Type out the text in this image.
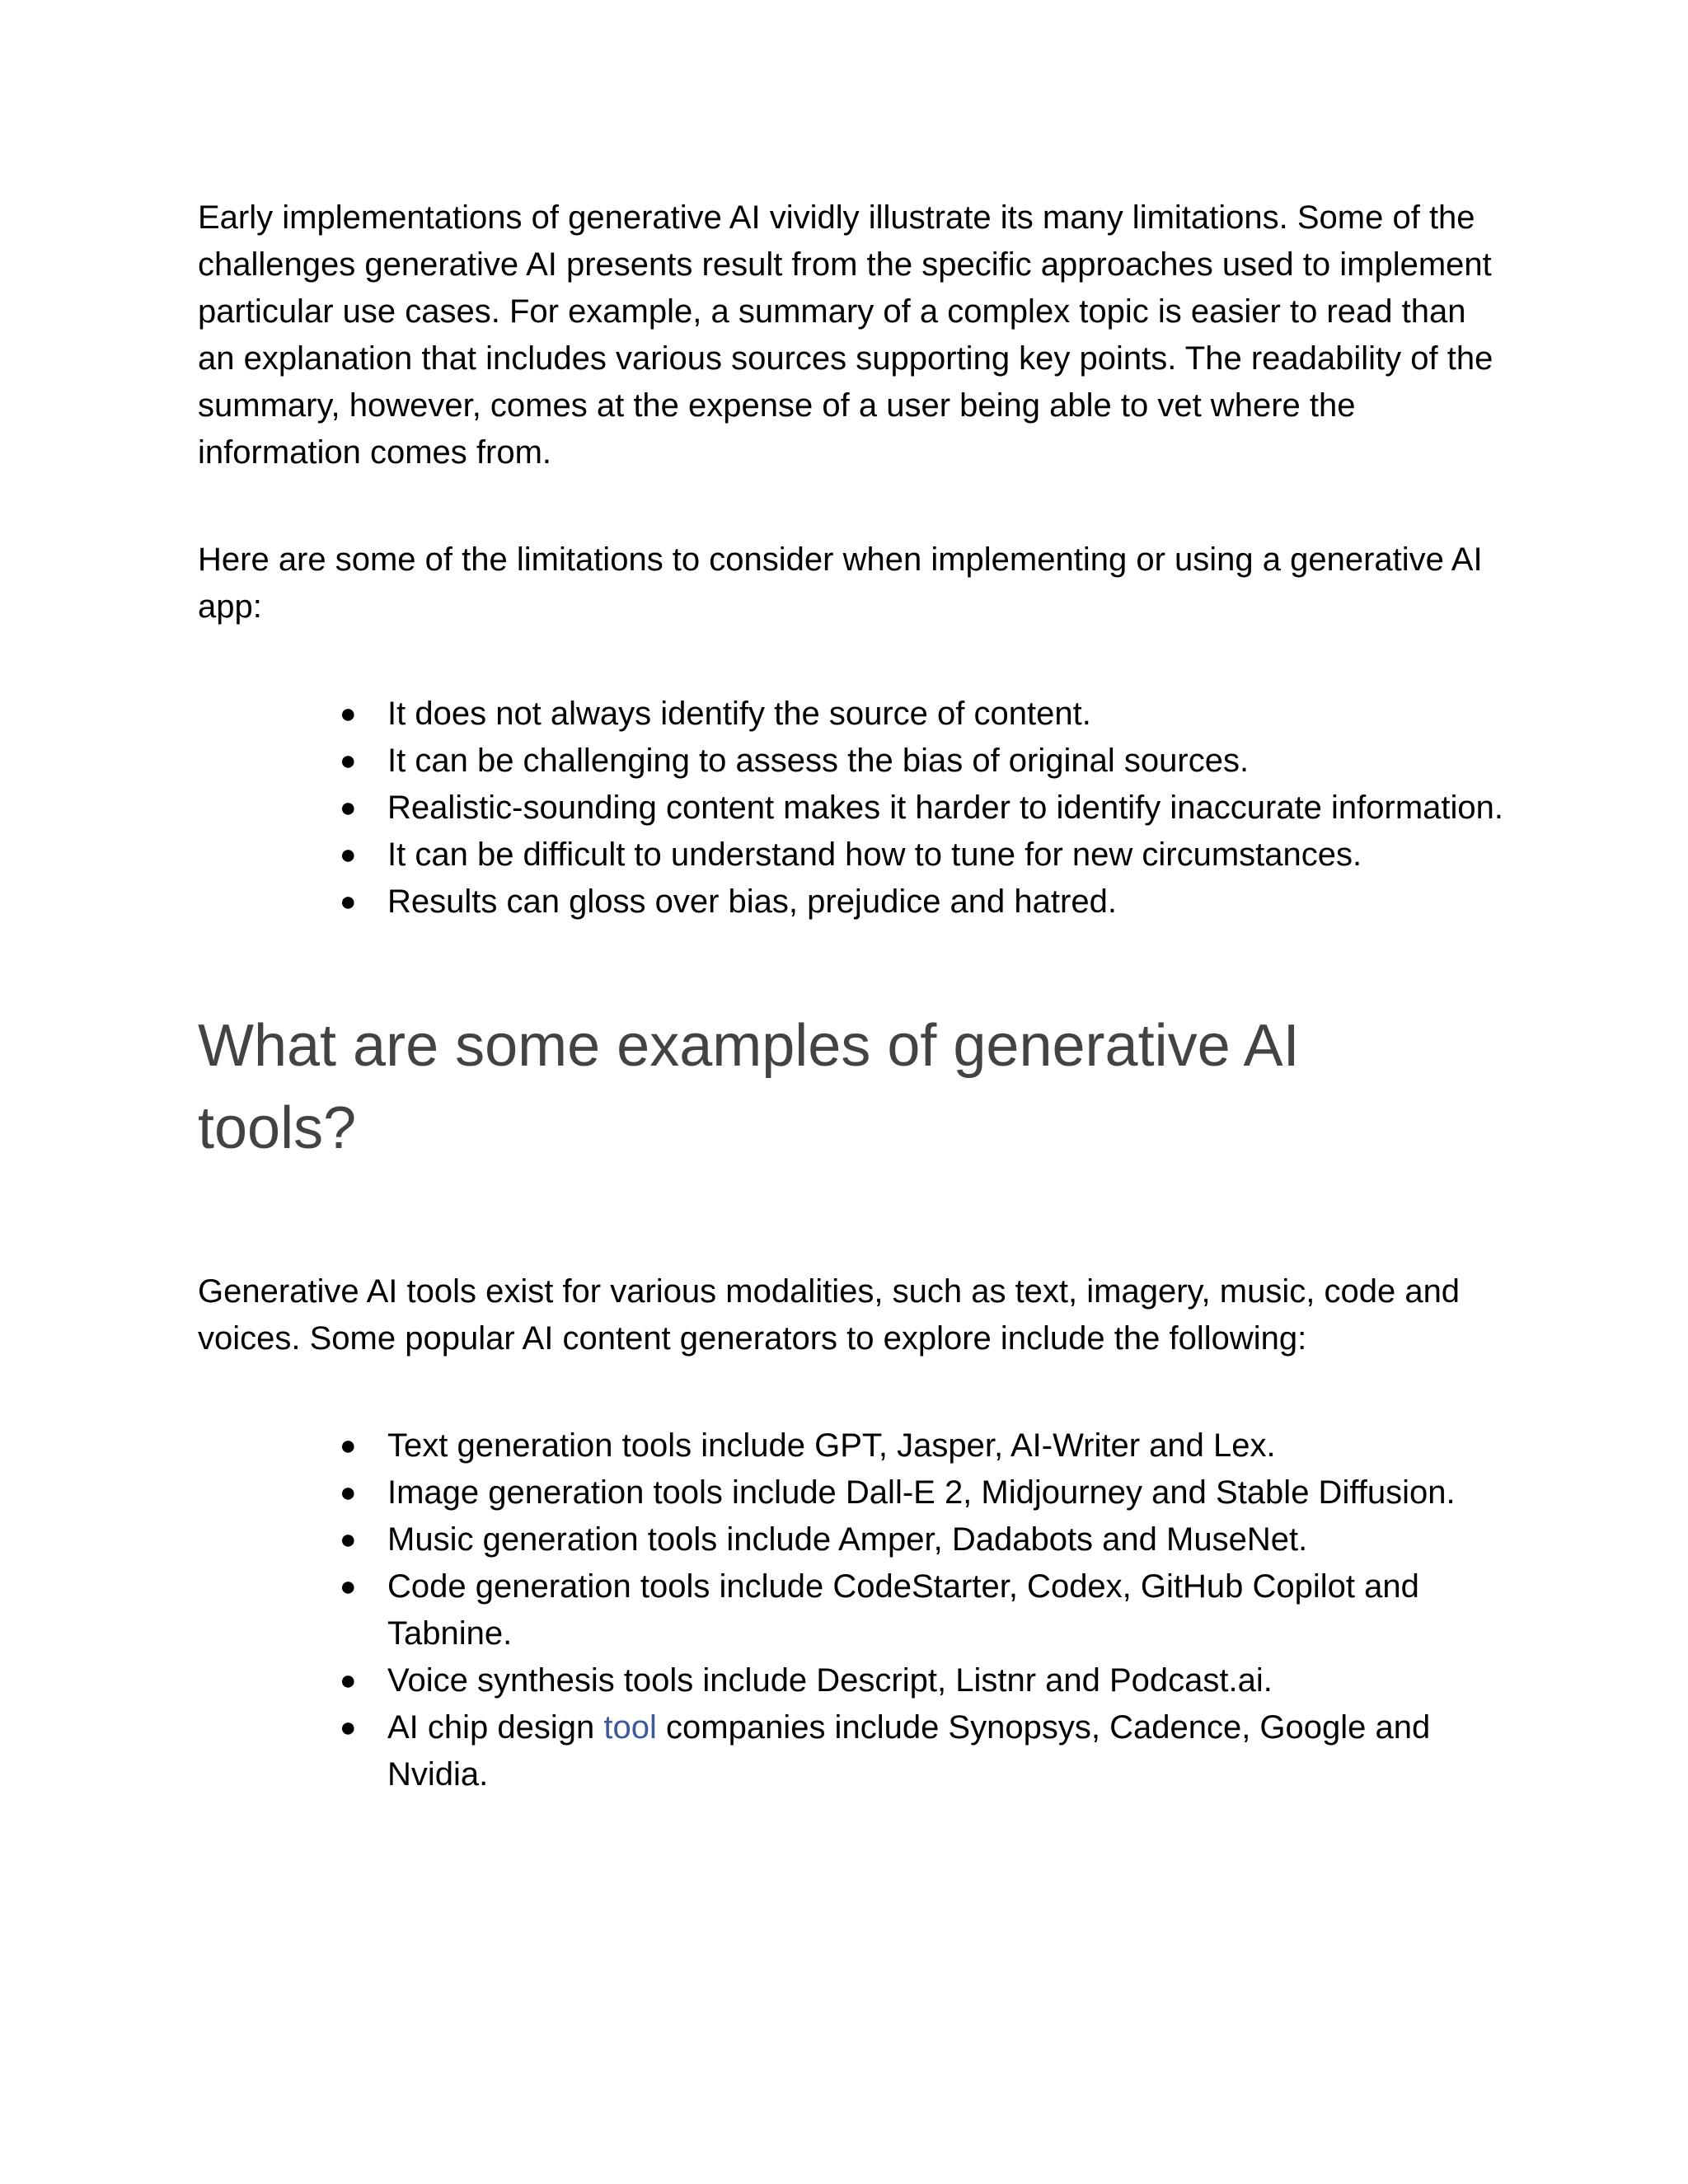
Early implementations of generative AI vividly illustrate its many limitations. Some of the challenges generative AI presents result from the specific approaches used to implement particular use cases. For example, a summary of a complex topic is easier to read than an explanation that includes various sources supporting key points. The readability of the summary, however, comes at the expense of a user being able to vet where the information comes from.

Here are some of the limitations to consider when implementing or using a generative AI app:

● It does not always identify the source of content.
● It can be challenging to assess the bias of original sources.
● Realistic-sounding content makes it harder to identify inaccurate information.
● It can be difficult to understand how to tune for new circumstances.
● Results can gloss over bias, prejudice and hatred.
What are some examples of generative AI tools?

Generative AI tools exist for various modalities, such as text, imagery, music, code and voices. Some popular AI content generators to explore include the following:

● Text generation tools include GPT, Jasper, AI-Writer and Lex.
● Image generation tools include Dall-E 2, Midjourney and Stable Diffusion.
● Music generation tools include Amper, Dadabots and MuseNet.
● Code generation tools include CodeStarter, Codex, GitHub Copilot and Tabnine.
● Voice synthesis tools include Descript, Listnr and Podcast.ai.
● AI chip design tool companies include Synopsys, Cadence, Google and Nvidia.
